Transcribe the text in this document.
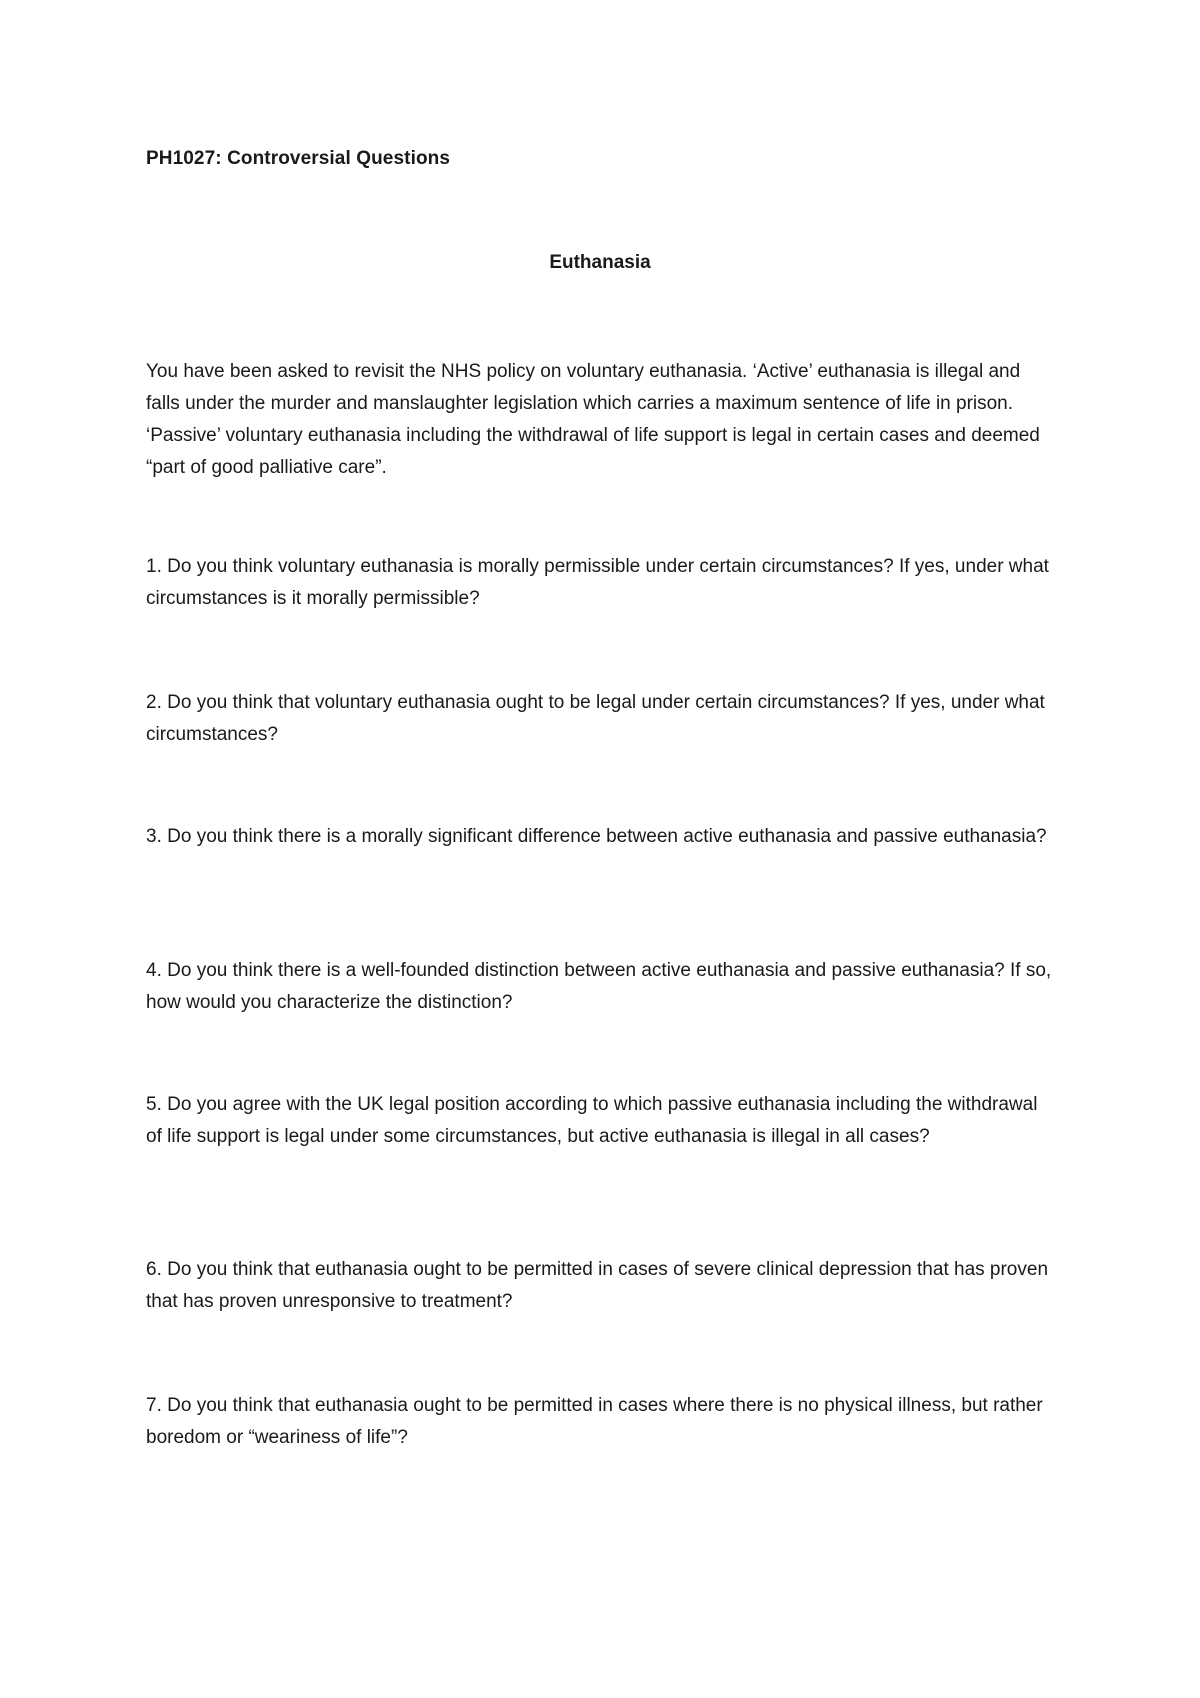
PH1027: Controversial Questions
Euthanasia

You have been asked to revisit the NHS policy on voluntary euthanasia. ‘Active’ euthanasia is illegal and falls under the murder and manslaughter legislation which carries a maximum sentence of life in prison. ‘Passive’ voluntary euthanasia including the withdrawal of life support is legal in certain cases and deemed “part of good palliative care”.

1. Do you think voluntary euthanasia is morally permissible under certain circumstances? If yes, under what circumstances is it morally permissible?

2. Do you think that voluntary euthanasia ought to be legal under certain circumstances? If yes, under what circumstances?

3. Do you think there is a morally significant difference between active euthanasia and passive euthanasia?

4. Do you think there is a well-founded distinction between active euthanasia and passive euthanasia? If so, how would you characterize the distinction?

5. Do you agree with the UK legal position according to which passive euthanasia including the withdrawal of life support is legal under some circumstances, but active euthanasia is illegal in all cases?

6. Do you think that euthanasia ought to be permitted in cases of severe clinical depression that has proven that has proven unresponsive to treatment?

7. Do you think that euthanasia ought to be permitted in cases where there is no physical illness, but rather boredom or “weariness of life”?
